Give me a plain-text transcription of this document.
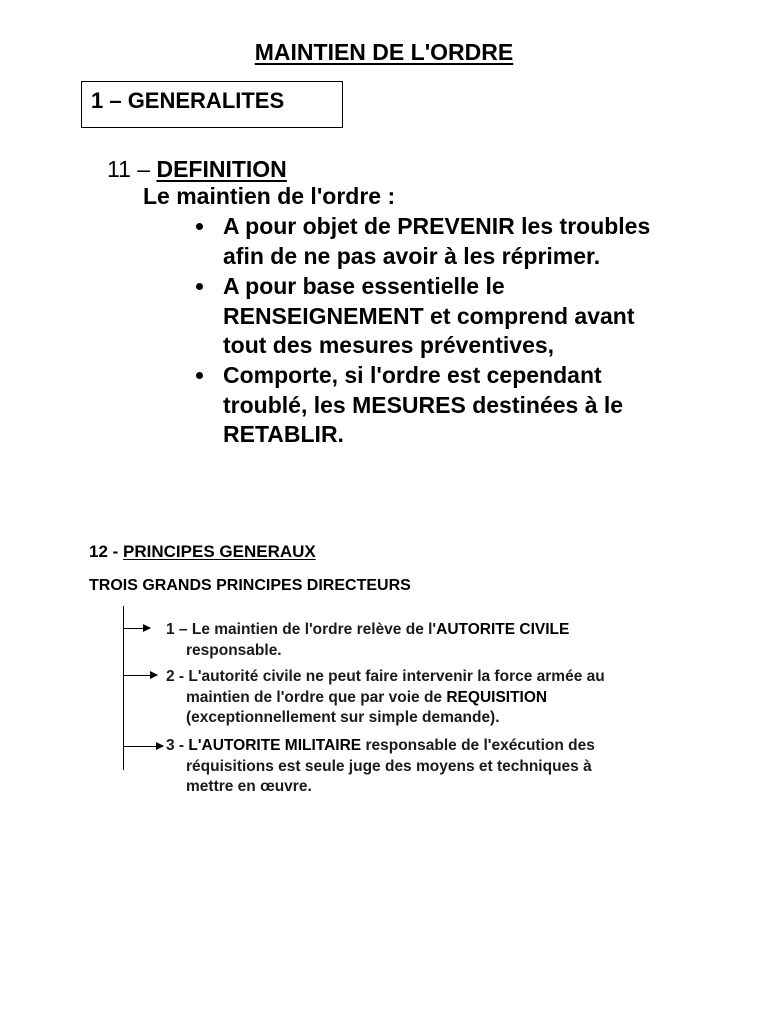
MAINTIEN DE L'ORDRE
1 – GENERALITES
11 – DEFINITION
Le maintien de l'ordre :
A pour objet de PREVENIR les troubles
afin de ne pas avoir à les réprimer.
A pour base essentielle le
RENSEIGNEMENT et comprend avant
tout des mesures préventives,
Comporte, si l'ordre est cependant
troublé, les MESURES destinées à le
RETABLIR.
12 - PRINCIPES GENERAUX
TROIS GRANDS PRINCIPES DIRECTEURS
1 – Le maintien de l'ordre relève de l'AUTORITE CIVILE
responsable.
2 - L'autorité civile ne peut faire intervenir la force armée au
maintien de l'ordre que par voie de REQUISITION
(exceptionnellement sur simple demande).
3 - L'AUTORITE MILITAIRE responsable de l'exécution des
réquisitions est seule juge des moyens et techniques à
mettre en œuvre.
